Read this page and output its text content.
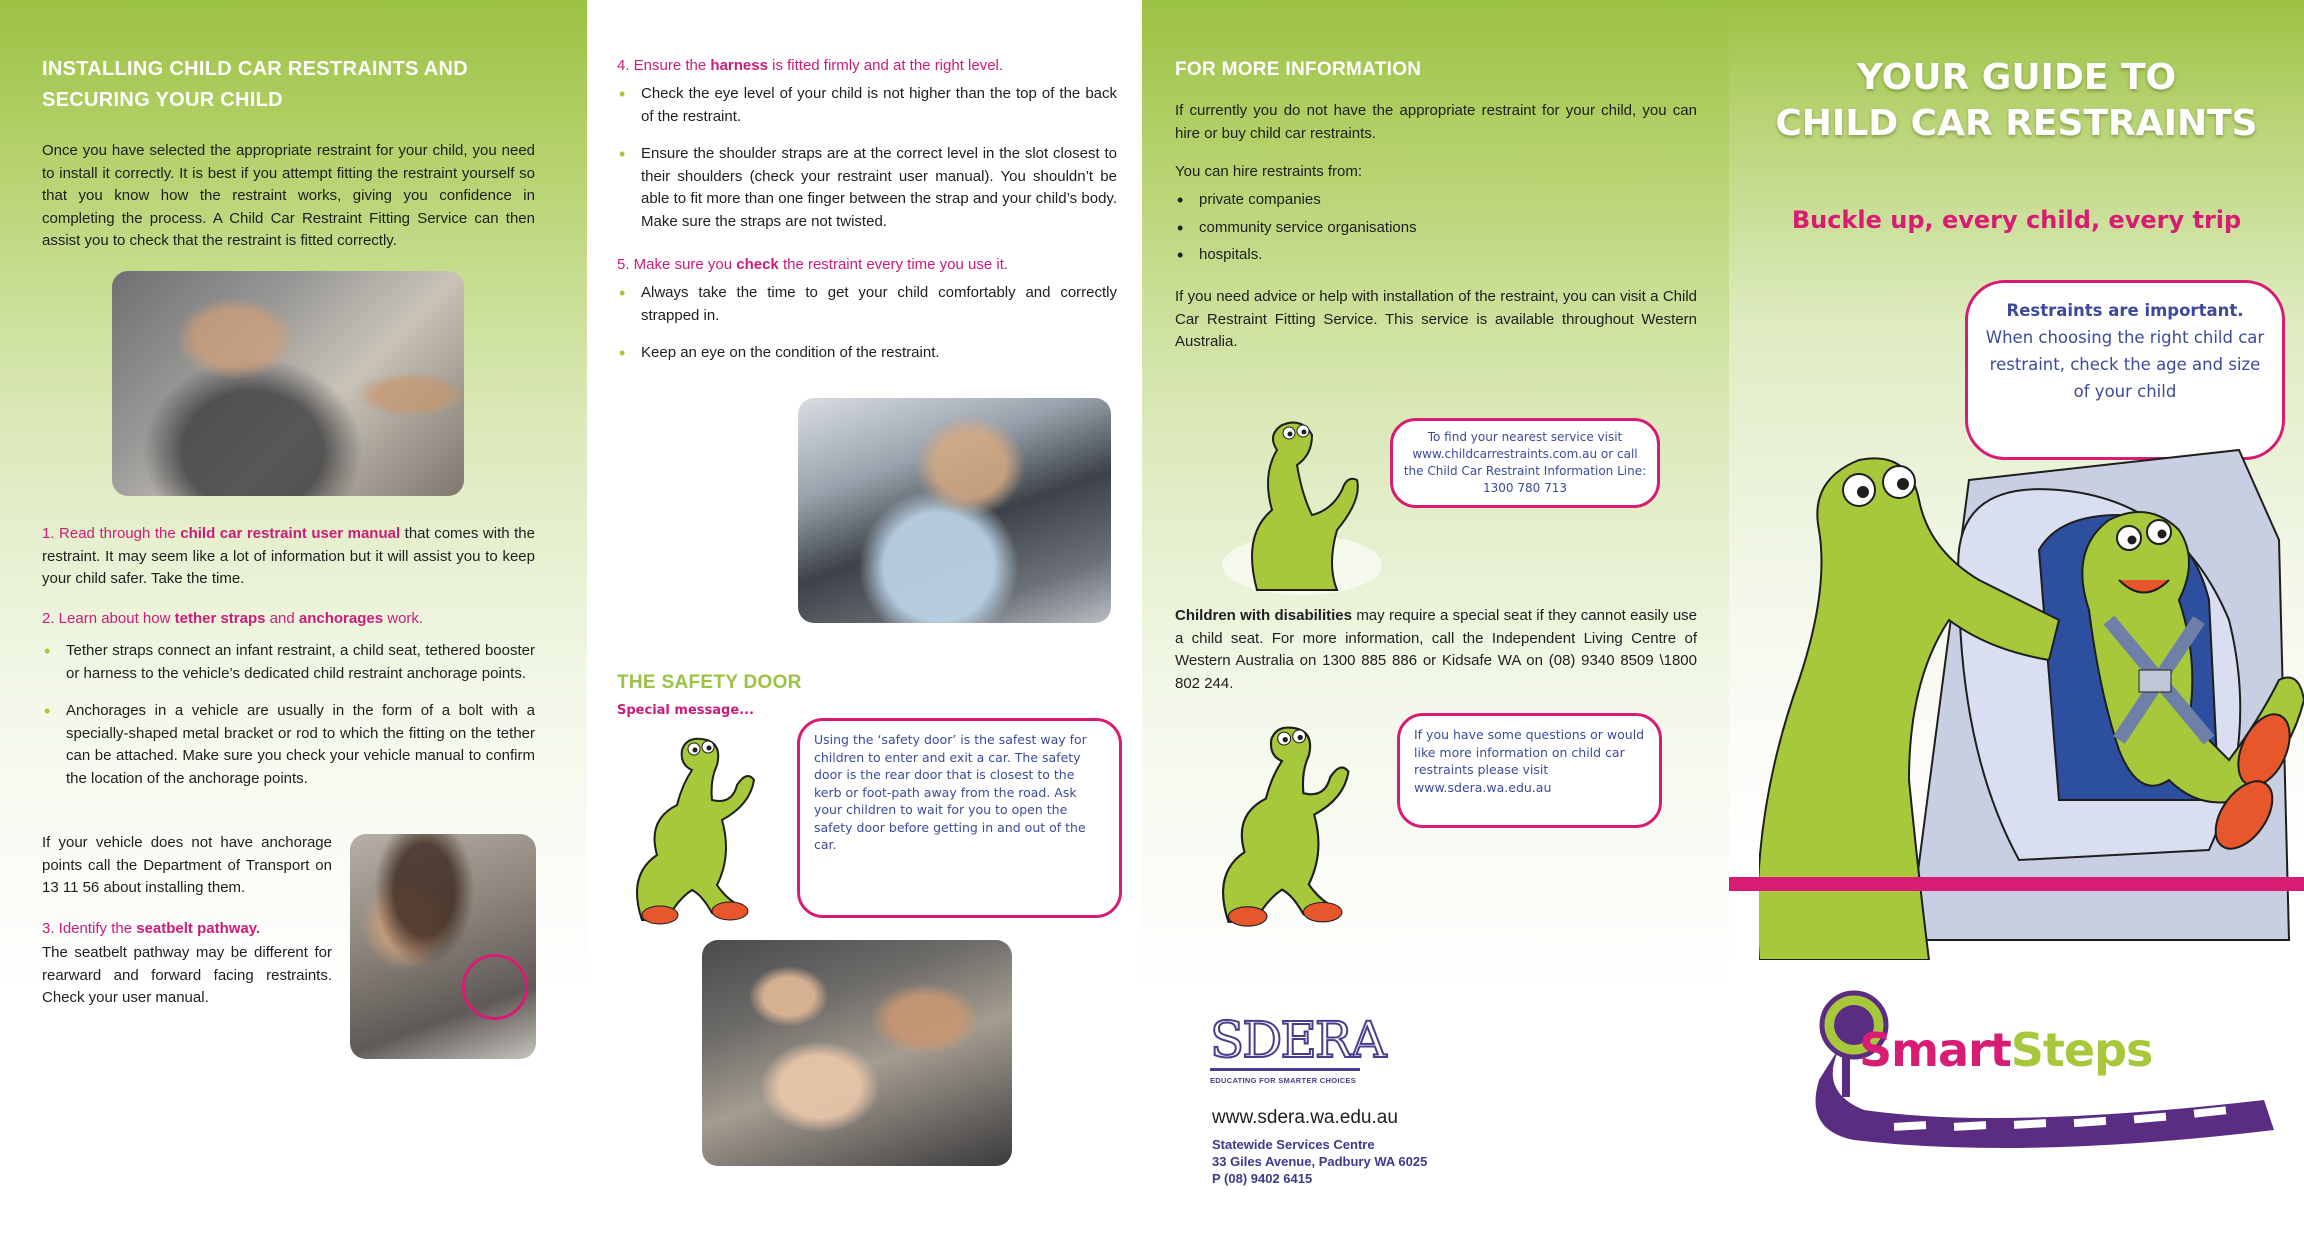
INSTALLING CHILD CAR RESTRAINTS AND
SECURING YOUR CHILD

Once you have selected the appropriate restraint for your child, you need to install it correctly. It is best if you attempt fitting the restraint yourself so that you know how the restraint works, giving you confidence in completing the process. A Child Car Restraint Fitting Service can then assist you to check that the restraint is fitted correctly.

1. Read through the child car restraint user manual that comes with the restraint. It may seem like a lot of information but it will assist you to keep your child safer. Take the time.

2. Learn about how tether straps and anchorages work.

• Tether straps connect an infant restraint, a child seat, tethered booster or harness to the vehicle’s dedicated child restraint anchorage points.
• Anchorages in a vehicle are usually in the form of a bolt with a specially-shaped metal bracket or rod to which the fitting on the tether can be attached. Make sure you check your vehicle manual to confirm the location of the anchorage points.

If your vehicle does not have anchorage points call the Department of Transport on 13 11 56 about installing them.

3. Identify the seatbelt pathway.

The seatbelt pathway may be different for rearward and forward facing restraints. Check your user manual.

4. Ensure the harness is fitted firmly and at the right level.

• Check the eye level of your child is not higher than the top of the back of the restraint.
• Ensure the shoulder straps are at the correct level in the slot closest to their shoulders (check your restraint user manual). You shouldn’t be able to fit more than one finger between the strap and your child’s body. Make sure the straps are not twisted.

5. Make sure you check the restraint every time you use it.

• Always take the time to get your child comfortably and correctly strapped in.
• Keep an eye on the condition of the restraint.
THE SAFETY DOOR
Special message...
Using the ‘safety door’ is the safest way for children to enter and exit a car. The safety door is the rear door that is closest to the kerb or foot-path away from the road. Ask your children to wait for you to open the safety door before getting in and out of the car.
FOR MORE INFORMATION

If currently you do not have the appropriate restraint for your child, you can hire or buy child car restraints.

You can hire restraints from:

• private companies
• community service organisations
• hospitals.

If you need advice or help with installation of the restraint, you can visit a Child Car Restraint Fitting Service. This service is available throughout Western Australia.

To find your nearest service visit www.childcarrestraints.com.au or call the Child Car Restraint Information Line: 1300 780 713

Children with disabilities may require a special seat if they cannot easily use a child seat. For more information, call the Independent Living Centre of Western Australia on 1300 885 886 or Kidsafe WA on (08) 9340 8509 \1800 802 244.

If you have some questions or would like more information on child car restraints please visit www.sdera.wa.edu.au
SDERA
EDUCATING FOR SMARTER CHOICES
www.sdera.wa.edu.au
Statewide Services Centre
33 Giles Avenue, Padbury WA 6025
P (08) 9402 6415
YOUR GUIDE TO
CHILD CAR RESTRAINTS
Buckle up, every child, every trip
Restraints are important.
When choosing the right child car restraint, check the age and size of your child
SmartSteps
